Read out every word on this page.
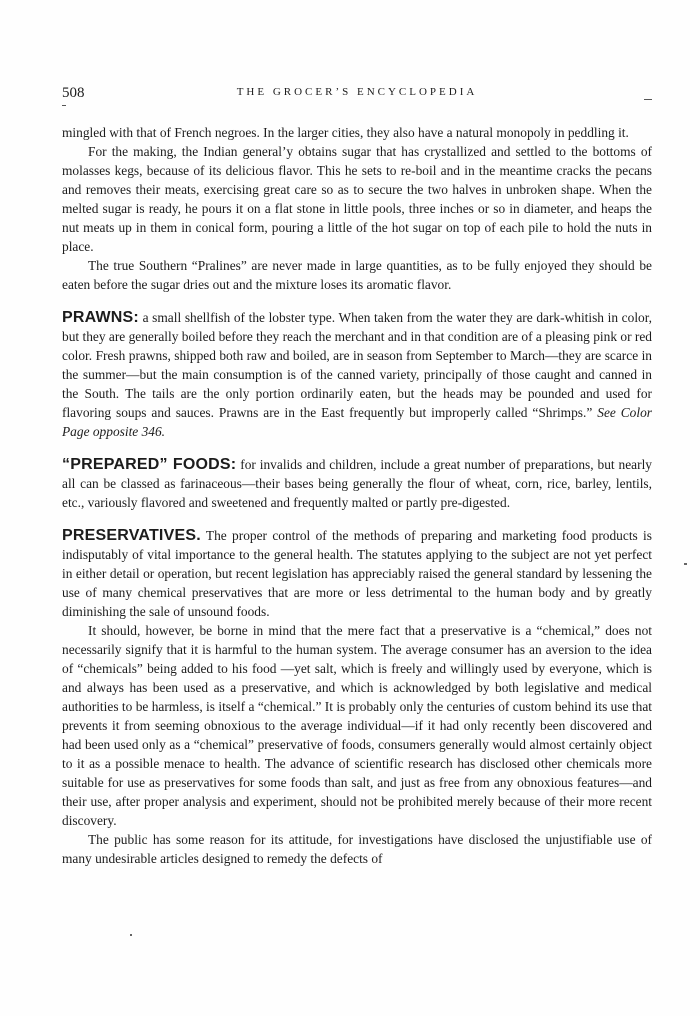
508	THE GROCER’S ENCYCLOPEDIA

mingled with that of French negroes. In the larger cities, they also have a natural monopoly in peddling it.

For the making, the Indian general’y obtains sugar that has crystallized and settled to the bottoms of molasses kegs, because of its delicious flavor. This he sets to re-boil and in the meantime cracks the pecans and removes their meats, exercising great care so as to secure the two halves in unbroken shape. When the melted sugar is ready, he pours it on a flat stone in little pools, three inches or so in diameter, and heaps the nut meats up in them in conical form, pouring a little of the hot sugar on top of each pile to hold the nuts in place.

The true Southern “Pralines” are never made in large quantities, as to be fully enjoyed they should be eaten before the sugar dries out and the mixture loses its aromatic flavor.

PRAWNS: a small shellfish of the lobster type. When taken from the water they are dark-whitish in color, but they are generally boiled before they reach the merchant and in that condition are of a pleasing pink or red color. Fresh prawns, shipped both raw and boiled, are in season from September to March—they are scarce in the summer—but the main consumption is of the canned variety, principally of those caught and canned in the South. The tails are the only portion ordinarily eaten, but the heads may be pounded and used for flavoring soups and sauces. Prawns are in the East frequently but improperly called “Shrimps.” See Color Page opposite 346.

“PREPARED” FOODS: for invalids and children, include a great number of preparations, but nearly all can be classed as farinaceous—their bases being generally the flour of wheat, corn, rice, barley, lentils, etc., variously flavored and sweetened and frequently malted or partly pre-digested.

PRESERVATIVES. The proper control of the methods of preparing and marketing food products is indisputably of vital importance to the general health. The statutes applying to the subject are not yet perfect in either detail or operation, but recent legislation has appreciably raised the general standard by lessening the use of many chemical preservatives that are more or less detrimental to the human body and by greatly diminishing the sale of unsound foods.

It should, however, be borne in mind that the mere fact that a preservative is a “chemical,” does not necessarily signify that it is harmful to the human system. The average consumer has an aversion to the idea of “chemicals” being added to his food —yet salt, which is freely and willingly used by everyone, which is and always has been used as a preservative, and which is acknowledged by both legislative and medical authorities to be harmless, is itself a “chemical.” It is probably only the centuries of custom behind its use that prevents it from seeming obnoxious to the average individual—if it had only recently been discovered and had been used only as a “chemical” preservative of foods, consumers generally would almost certainly object to it as a possible menace to health. The advance of scientific research has disclosed other chemicals more suitable for use as preservatives for some foods than salt, and just as free from any obnoxious features—and their use, after proper analysis and experiment, should not be prohibited merely because of their more recent discovery.

The public has some reason for its attitude, for investigations have disclosed the unjustifiable use of many undesirable articles designed to remedy the defects of
